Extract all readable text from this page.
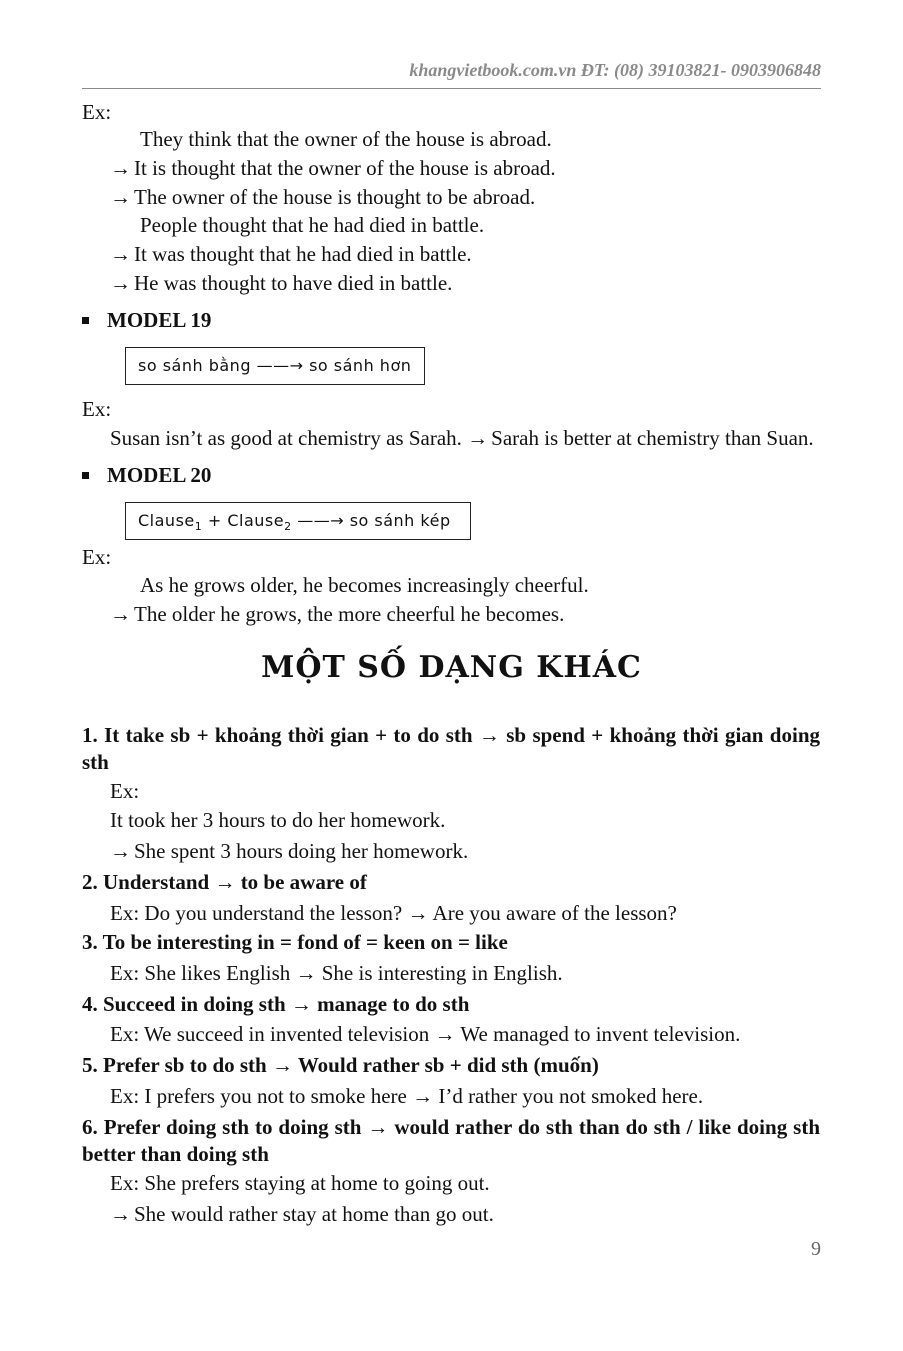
khangvietbook.com.vn ĐT: (08) 39103821- 0903906848
Ex:
They think that the owner of the house is abroad.
→ It is thought that the owner of the house is abroad.
→ The owner of the house is thought to be abroad.
People thought that he had died in battle.
→ It was thought that he had died in battle.
→ He was thought to have died in battle.
MODEL 19
so sánh bằng ——→ so sánh hơn
Ex:
Susan isn’t as good at chemistry as Sarah. → Sarah is better at chemistry than Suan.
MODEL 20
Clause$_1$ + Clause$_2$ ——→ so sánh kép
Ex:
As he grows older, he becomes increasingly cheerful.
→ The older he grows, the more cheerful he becomes.
MỘT SỐ DẠNG KHÁC
1. It take sb + khoảng thời gian + to do sth → sb spend + khoảng thời gian doing sth
Ex:
It took her 3 hours to do her homework.
→ She spent 3 hours doing her homework.
2. Understand → to be aware of
Ex: Do you understand the lesson? → Are you aware of the lesson?
3. To be interesting in = fond of = keen on = like
Ex: She likes English → She is interesting in English.
4. Succeed in doing sth → manage to do sth
Ex: We succeed in invented television → We managed to invent television.
5. Prefer sb to do sth → Would rather sb + did sth (muốn)
Ex: I prefers you not to smoke here → I’d rather you not smoked here.
6. Prefer doing sth to doing sth → would rather do sth than do sth / like doing sth better than doing sth
Ex: She prefers staying at home to going out.
→ She would rather stay at home than go out.
9
